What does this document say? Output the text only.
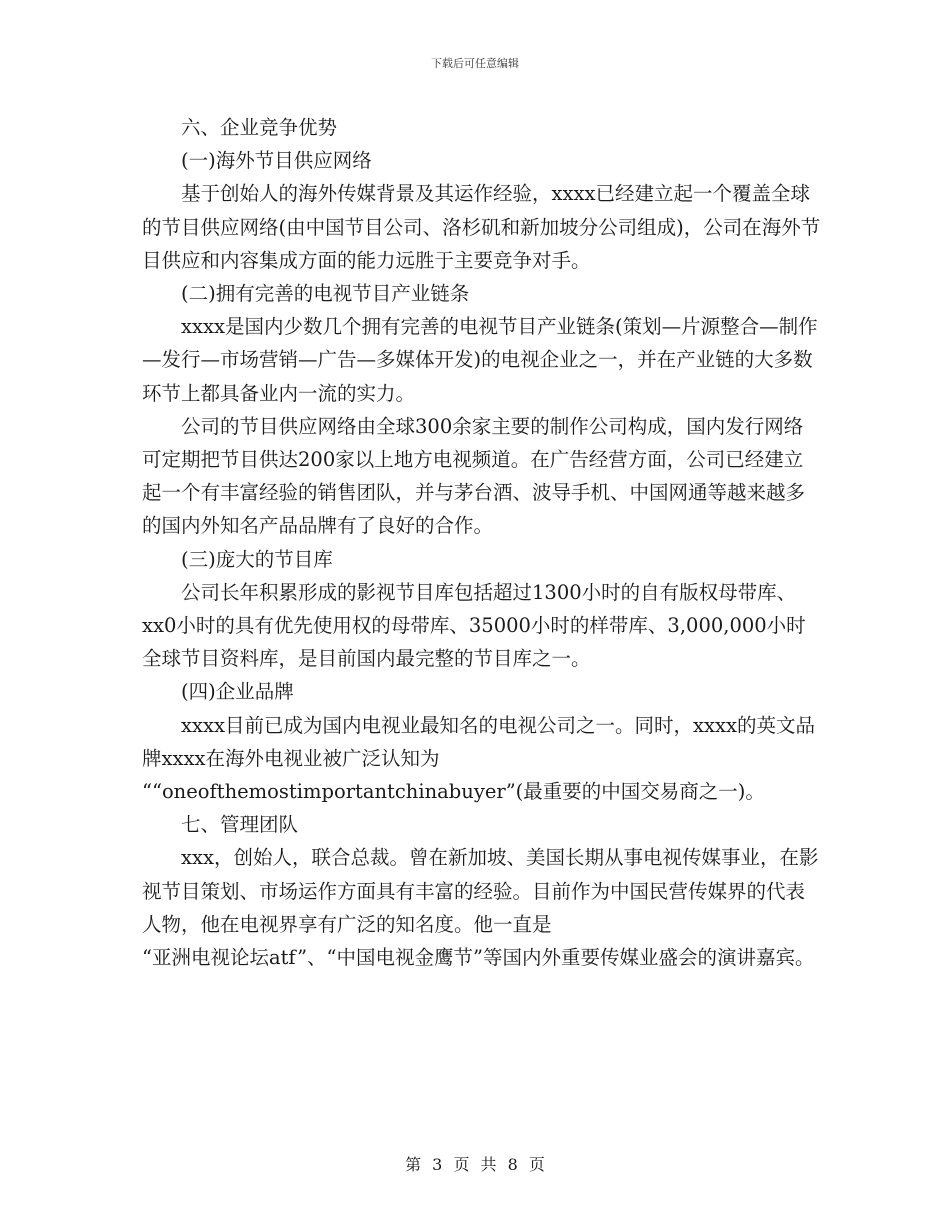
下载后可任意编辑

六、企业竞争优势

(一)海外节目供应网络

基于创始人的海外传媒背景及其运作经验，xxxx已经建立起一个覆盖全球的节目供应网络(由中国节目公司、洛杉矶和新加坡分公司组成)，公司在海外节目供应和内容集成方面的能力远胜于主要竞争对手。

(二)拥有完善的电视节目产业链条

xxxx是国内少数几个拥有完善的电视节目产业链条(策划—片源整合—制作—发行—市场营销—广告—多媒体开发)的电视企业之一，并在产业链的大多数环节上都具备业内一流的实力。

公司的节目供应网络由全球300余家主要的制作公司构成，国内发行网络可定期把节目供达200家以上地方电视频道。在广告经营方面，公司已经建立起一个有丰富经验的销售团队，并与茅台酒、波导手机、中国网通等越来越多的国内外知名产品品牌有了良好的合作。

(三)庞大的节目库

公司长年积累形成的影视节目库包括超过1300小时的自有版权母带库、xx0小时的具有优先使用权的母带库、35000小时的样带库、3,000,000小时全球节目资料库，是目前国内最完整的节目库之一。

(四)企业品牌

xxxx目前已成为国内电视业最知名的电视公司之一。同时，xxxx的英文品牌xxxx在海外电视业被广泛认知为

““oneofthemostimportantchinabuyer”(最重要的中国交易商之一)。

七、管理团队

xxx，创始人，联合总裁。曾在新加坡、美国长期从事电视传媒事业，在影视节目策划、市场运作方面具有丰富的经验。目前作为中国民营传媒界的代表人物，他在电视界享有广泛的知名度。他一直是

“亚洲电视论坛atf”、“中国电视金鹰节”等国内外重要传媒业盛会的演讲嘉宾。

第 3 页 共 8 页
